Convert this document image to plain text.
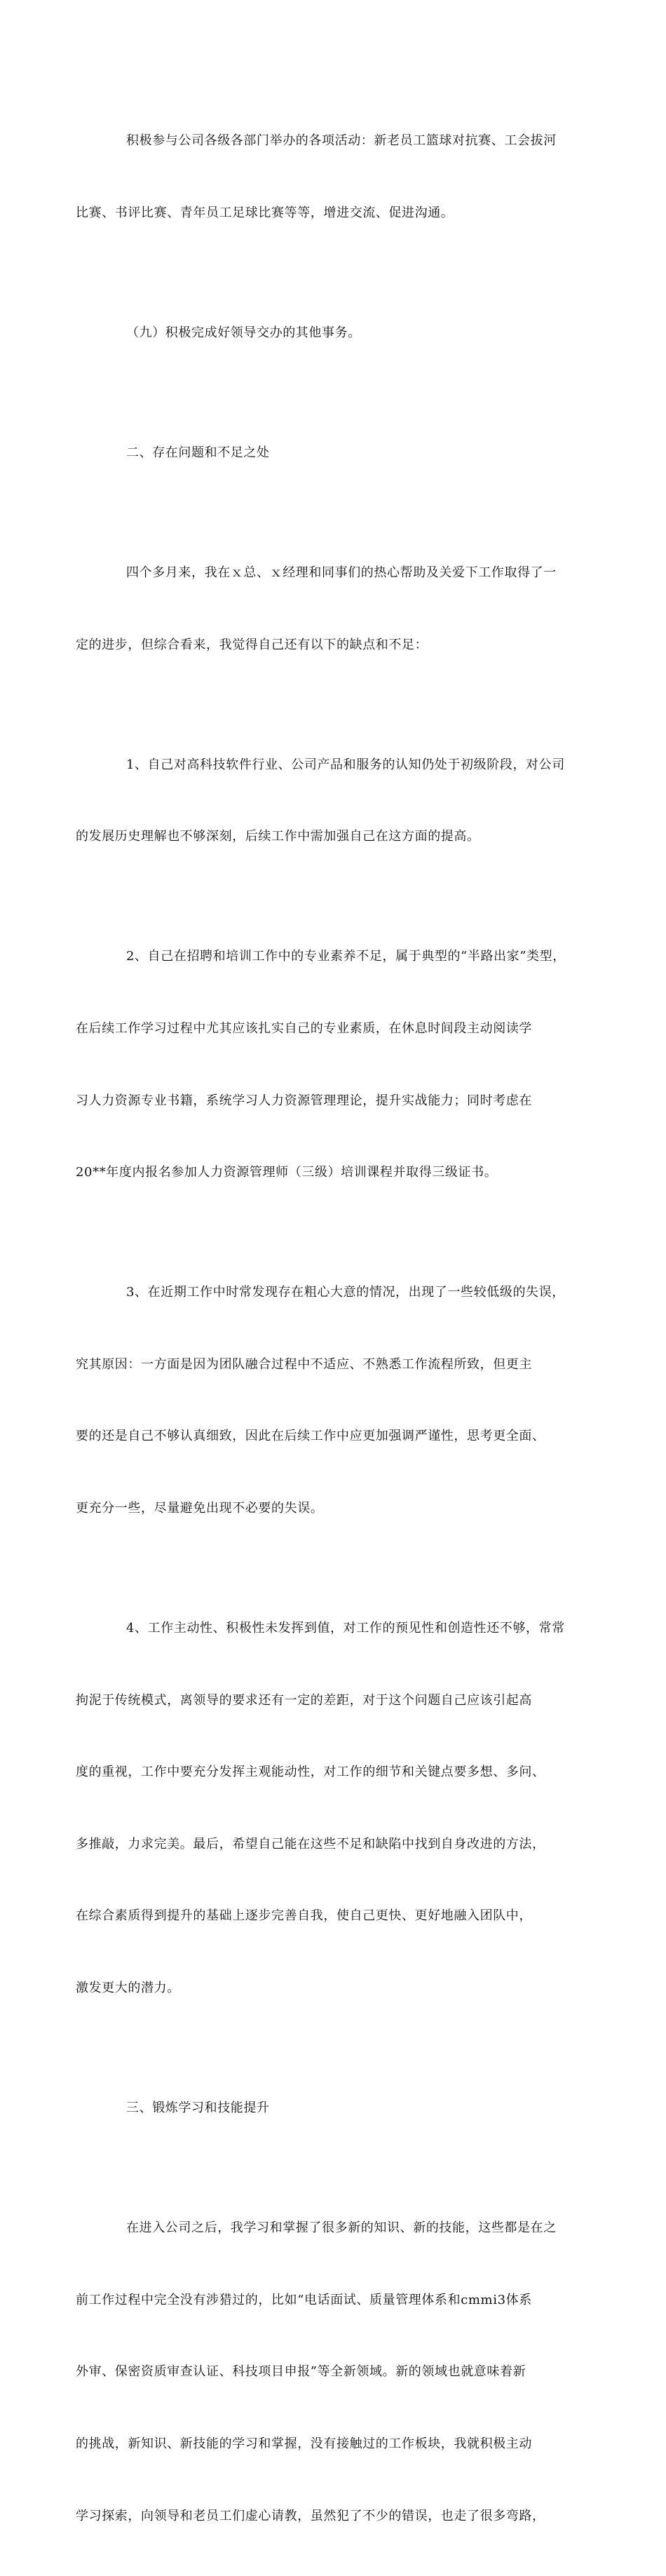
积极参与公司各级各部门举办的各项活动：新老员工篮球对抗赛、工会拔河

比赛、书评比赛、青年员工足球比赛等等，增进交流、促进沟通。

（九）积极完成好领导交办的其他事务。

二、存在问题和不足之处

四个多月来，我在ｘ总、ｘ经理和同事们的热心帮助及关爱下工作取得了一

定的进步，但综合看来，我觉得自己还有以下的缺点和不足：

1、自己对高科技软件行业、公司产品和服务的认知仍处于初级阶段，对公司

的发展历史理解也不够深刻，后续工作中需加强自己在这方面的提高。

2、自己在招聘和培训工作中的专业素养不足，属于典型的“半路出家”类型，

在后续工作学习过程中尤其应该扎实自己的专业素质，在休息时间段主动阅读学

习人力资源专业书籍，系统学习人力资源管理理论，提升实战能力；同时考虑在

20**年度内报名参加人力资源管理师（三级）培训课程并取得三级证书。

3、在近期工作中时常发现存在粗心大意的情况，出现了一些较低级的失误，

究其原因：一方面是因为团队融合过程中不适应、不熟悉工作流程所致，但更主

要的还是自己不够认真细致，因此在后续工作中应更加强调严谨性，思考更全面、

更充分一些，尽量避免出现不必要的失误。

4、工作主动性、积极性未发挥到值，对工作的预见性和创造性还不够，常常

拘泥于传统模式，离领导的要求还有一定的差距，对于这个问题自己应该引起高

度的重视，工作中要充分发挥主观能动性，对工作的细节和关键点要多想、多问、

多推敲，力求完美。最后，希望自己能在这些不足和缺陷中找到自身改进的方法，

在综合素质得到提升的基础上逐步完善自我，使自己更快、更好地融入团队中，

激发更大的潜力。

三、锻炼学习和技能提升

在进入公司之后，我学习和掌握了很多新的知识、新的技能，这些都是在之

前工作过程中完全没有涉猎过的，比如“电话面试、质量管理体系和cmmi3体系

外审、保密资质审查认证、科技项目申报”等全新领域。新的领域也就意味着新

的挑战，新知识、新技能的学习和掌握，没有接触过的工作板块，我就积极主动

学习探索，向领导和老员工们虚心请教，虽然犯了不少的错误，也走了很多弯路，
